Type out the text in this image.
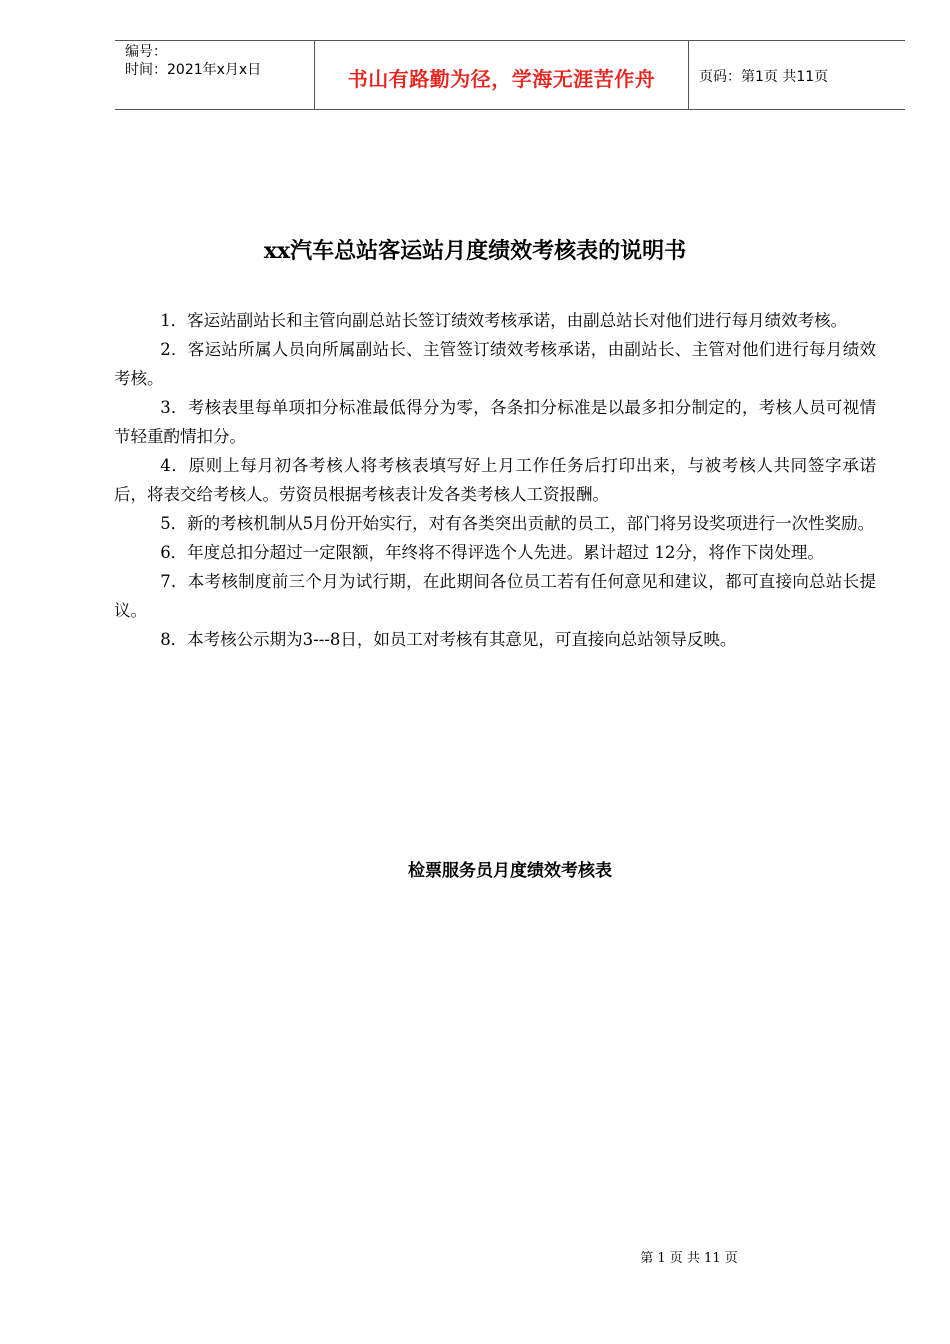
编号：
时间：2021年x月x日	书山有路勤为径，学海无涯苦作舟	页码：第1页 共11页
xx汽车总站客运站月度绩效考核表的说明书

1．客运站副站长和主管向副总站长签订绩效考核承诺，由副总站长对他们进行每月绩效考核。

2．客运站所属人员向所属副站长、主管签订绩效考核承诺，由副站长、主管对他们进行每月绩效考核。

3．考核表里每单项扣分标准最低得分为零，各条扣分标准是以最多扣分制定的，考核人员可视情节轻重酌情扣分。

4．原则上每月初各考核人将考核表填写好上月工作任务后打印出来，与被考核人共同签字承诺后，将表交给考核人。劳资员根据考核表计发各类考核人工资报酬。

5．新的考核机制从5月份开始实行，对有各类突出贡献的员工，部门将另设奖项进行一次性奖励。

6．年度总扣分超过一定限额，年终将不得评选个人先进。累计超过 12分，将作下岗处理。

7．本考核制度前三个月为试行期，在此期间各位员工若有任何意见和建议，都可直接向总站长提议。

8．本考核公示期为3---8日，如员工对考核有其意见，可直接向总站领导反映。

检票服务员月度绩效考核表
第 1 页 共 11 页
